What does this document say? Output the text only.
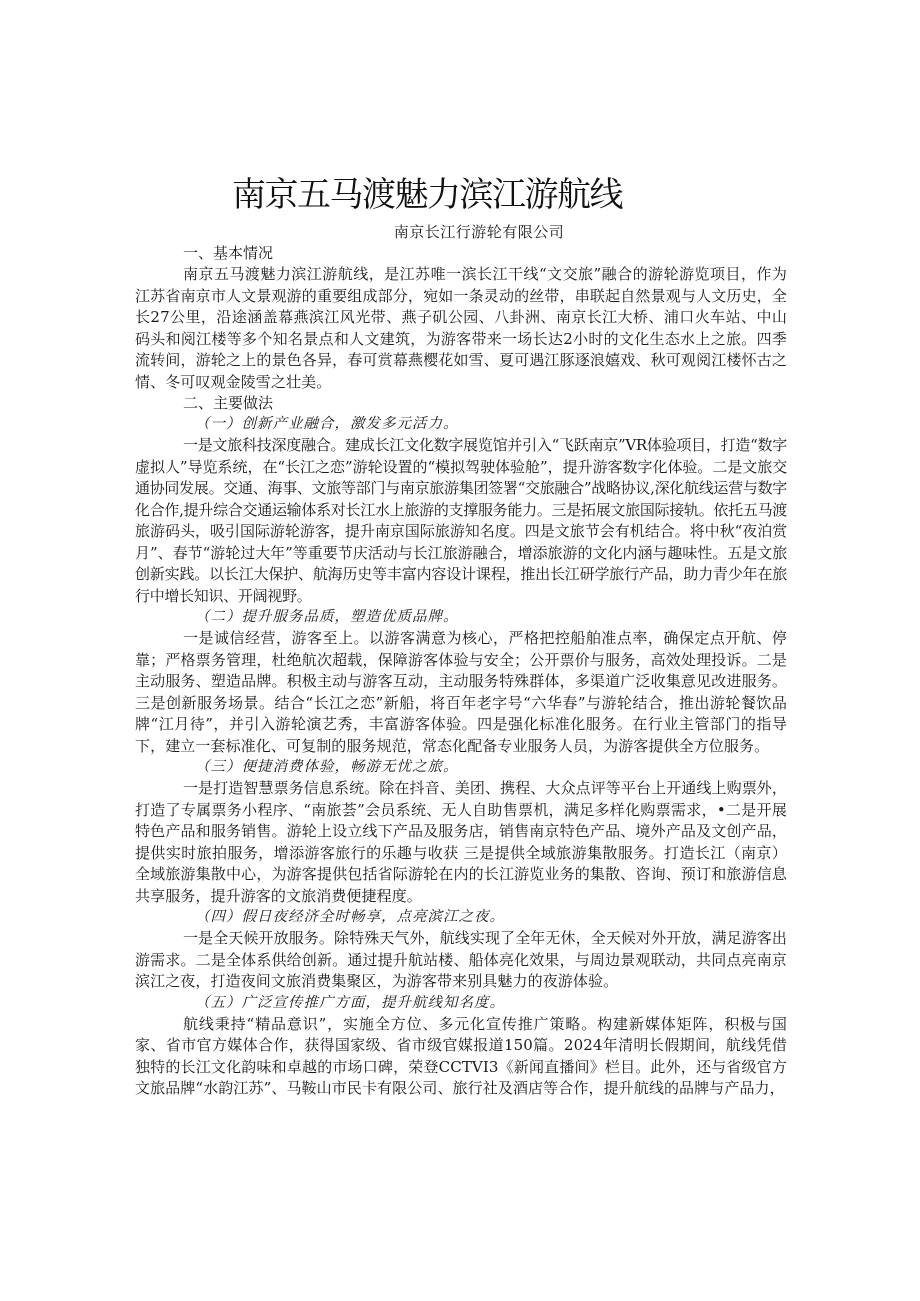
南京五马渡魅力滨江游航线

南京长江行游轮有限公司

一、基本情况

南京五马渡魅力滨江游航线，是江苏唯一滨长江干线“文交旅”融合的游轮游览项目，作为江苏省南京市人文景观游的重要组成部分，宛如一条灵动的丝带，串联起自然景观与人文历史，全长27公里，沿途涵盖幕燕滨江风光带、燕子矶公园、八卦洲、南京长江大桥、浦口火车站、中山码头和阅江楼等多个知名景点和人文建筑，为游客带来一场长达2小时的文化生态水上之旅。四季流转间，游轮之上的景色各异，春可赏幕燕樱花如雪、夏可遇江豚逐浪嬉戏、秋可观阅江楼怀古之情、冬可叹观金陵雪之壮美。

二、主要做法

（一）创新产业融合，激发多元活力。

一是文旅科技深度融合。建成长江文化数字展览馆并引入“飞跃南京”VR体验项目，打造“数字虚拟人”导览系统，在“长江之恋”游轮设置的“模拟驾驶体验舱”，提升游客数字化体验。二是文旅交通协同发展。交通、海事、文旅等部门与南京旅游集团签署“交旅融合”战略协议,深化航线运营与数字化合作,提升综合交通运输体系对长江水上旅游的支撑服务能力。三是拓展文旅国际接轨。依托五马渡旅游码头，吸引国际游轮游客，提升南京国际旅游知名度。四是文旅节会有机结合。将中秋“夜泊赏月”、春节“游轮过大年”等重要节庆活动与长江旅游融合，增添旅游的文化内涵与趣味性。五是文旅创新实践。以长江大保护、航海历史等丰富内容设计课程，推出长江研学旅行产品，助力青少年在旅行中增长知识、开阔视野。

（二）提升服务品质，塑造优质品牌。

一是诚信经营，游客至上。以游客满意为核心，严格把控船舶准点率，确保定点开航、停靠；严格票务管理，杜绝航次超载，保障游客体验与安全；公开票价与服务，高效处理投诉。二是主动服务、塑造品牌。积极主动与游客互动，主动服务特殊群体，多渠道广泛收集意见改进服务。三是创新服务场景。结合“长江之恋”新船，将百年老字号“六华春”与游轮结合，推出游轮餐饮品牌“江月待”，并引入游轮演艺秀，丰富游客体验。四是强化标准化服务。在行业主管部门的指导下，建立一套标准化、可复制的服务规范，常态化配备专业服务人员，为游客提供全方位服务。

（三）便捷消费体验，畅游无忧之旅。

一是打造智慧票务信息系统。除在抖音、美团、携程、大众点评等平台上开通线上购票外，打造了专属票务小程序、“南旅荟”会员系统、无人自助售票机，满足多样化购票需求，•二是开展特色产品和服务销售。游轮上设立线下产品及服务店，销售南京特色产品、境外产品及文创产品，提供实时旅拍服务，增添游客旅行的乐趣与收获 三是提供全域旅游集散服务。打造长江（南京）全域旅游集散中心，为游客提供包括省际游轮在内的长江游览业务的集散、咨询、预订和旅游信息共享服务，提升游客的文旅消费便捷程度。

（四）假日夜经济全时畅享，点亮滨江之夜。

一是全天候开放服务。除特殊天气外，航线实现了全年无休，全天候对外开放，满足游客出游需求。二是全体系供给创新。通过提升航站楼、船体亮化效果，与周边景观联动，共同点亮南京滨江之夜，打造夜间文旅消费集聚区，为游客带来别具魅力的夜游体验。

（五）广泛宣传推广方面，提升航线知名度。

航线秉持“精品意识”，实施全方位、多元化宣传推广策略。构建新媒体矩阵，积极与国家、省市官方媒体合作，获得国家级、省市级官媒报道150篇。2024年清明长假期间，航线凭借独特的长江文化韵味和卓越的市场口碑，荣登CCTVI3《新闻直播间》栏目。此外，还与省级官方文旅品牌“水韵江苏”、马鞍山市民卡有限公司、旅行社及酒店等合作，提升航线的品牌与产品力，
